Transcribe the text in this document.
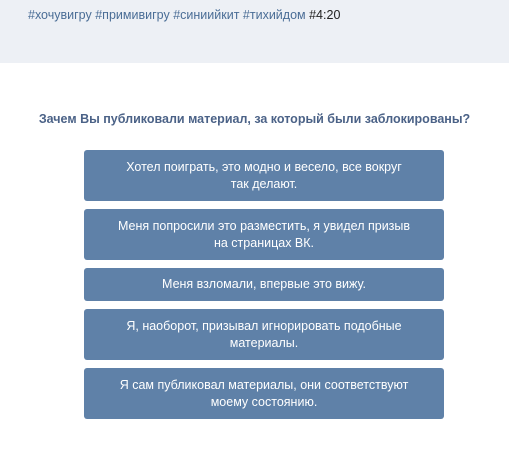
#хочувигру #примивигру #синиийкит #тихийдом #4:20
Зачем Вы публиковали материал, за который были заблокированы?
Хотел поиграть, это модно и весело, все вокруг
так делают.
Меня попросили это разместить, я увидел призыв
на страницах ВК.
Меня взломали, впервые это вижу.
Я, наоборот, призывал игнорировать подобные
материалы.
Я сам публиковал материалы, они соответствуют
моему состоянию.
